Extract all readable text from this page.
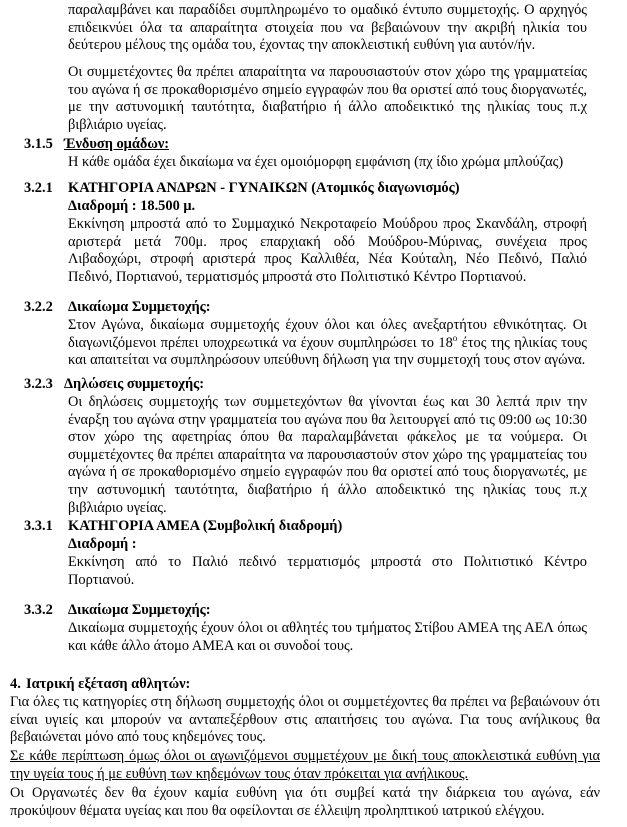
παραλαμβάνει και παραδίδει συμπληρωμένο το ομαδικό έντυπο συμμετοχής. Ο αρχηγός επιδεικνύει όλα τα απαραίτητα στοιχεία που να βεβαιώνουν την ακριβή ηλικία του δεύτερου μέλους της ομάδα του, έχοντας την αποκλειστική ευθύνη για αυτόν/ήν.

Οι συμμετέχοντες θα πρέπει απαραίτητα να παρουσιαστούν στον χώρο της γραμματείας του αγώνα ή σε προκαθορισμένο σημείο εγγραφών που θα οριστεί από τους διοργανωτές, με την αστυνομική ταυτότητα, διαβατήριο ή άλλο αποδεικτικό της ηλικίας τους π.χ βιβλιάριο υγείας.

3.1.5 Ένδυση ομάδων:

Η κάθε ομάδα έχει δικαίωμα να έχει ομοιόμορφη εμφάνιση (πχ ίδιο χρώμα μπλούζας)

3.2.1 ΚΑΤΗΓΟΡΙΑ ΑΝΔΡΩΝ - ΓΥΝΑΙΚΩΝ (Ατομικός διαγωνισμός)
Διαδρομή : 18.500 μ.

Εκκίνηση μπροστά από το Συμμαχικό Νεκροταφείο Μούδρου προς Σκανδάλη, στροφή αριστερά μετά 700μ. προς επαρχιακή οδό Μούδρου-Μύρινας, συνέχεια προς Λιβαδοχώρι, στροφή αριστερά προς Καλλιθέα, Νέα Κούταλη, Νέο Πεδινό, Παλιό Πεδινό, Πορτιανού, τερματισμός μπροστά στο Πολιτιστικό Κέντρο Πορτιανού.

3.2.2 Δικαίωμα Συμμετοχής:

Στον Αγώνα, δικαίωμα συμμετοχής έχουν όλοι και όλες ανεξαρτήτου εθνικότητας. Οι διαγωνιζόμενοι πρέπει υποχρεωτικά να έχουν συμπληρώσει το $18^o$ έτος της ηλικίας τους και απαιτείται να συμπληρώσουν υπεύθυνη δήλωση για την συμμετοχή τους στον αγώνα.

3.2.3 Δηλώσεις συμμετοχής:

Οι δηλώσεις συμμετοχής των συμμετεχόντων θα γίνονται έως και 30 λεπτά πριν την έναρξη του αγώνα στην γραμματεία του αγώνα που θα λειτουργεί από τις 09:00 ως 10:30 στον χώρο της αφετηρίας όπου θα παραλαμβάνεται φάκελος με τα νούμερα. Οι συμμετέχοντες θα πρέπει απαραίτητα να παρουσιαστούν στον χώρο της γραμματείας του αγώνα ή σε προκαθορισμένο σημείο εγγραφών που θα οριστεί από τους διοργανωτές, με την αστυνομική ταυτότητα, διαβατήριο ή άλλο αποδεικτικό της ηλικίας τους π.χ βιβλιάριο υγείας.

3.3.1 ΚΑΤΗΓΟΡΙΑ ΑΜΕΑ (Συμβολική διαδρομή)
Διαδρομή :

Εκκίνηση από το Παλιό πεδινό τερματισμός μπροστά στο Πολιτιστικό Κέντρο Πορτιανού.

3.3.2 Δικαίωμα Συμμετοχής:

Δικαίωμα συμμετοχής έχουν όλοι οι αθλητές του τμήματος Στίβου ΑΜΕΑ της ΑΕΛ όπως και κάθε άλλο άτομο ΑΜΕΑ και οι συνοδοί τους.

4. Ιατρική εξέταση αθλητών:

Για όλες τις κατηγορίες στη δήλωση συμμετοχής όλοι οι συμμετέχοντες θα πρέπει να βεβαιώνουν ότι είναι υγιείς και μπορούν να ανταπεξέρθουν στις απαιτήσεις του αγώνα. Για τους ανήλικους θα βεβαιώνεται μόνο από τους κηδεμόνες τους.

Σε κάθε περίπτωση όμως όλοι οι αγωνιζόμενοι συμμετέχουν με δική τους αποκλειστικά ευθύνη για την υγεία τους ή με ευθύνη των κηδεμόνων τους όταν πρόκειται για ανήλικους.

Οι Οργανωτές δεν θα έχουν καμία ευθύνη για ότι συμβεί κατά την διάρκεια του αγώνα, εάν προκύψουν θέματα υγείας και που θα οφείλονται σε έλλειψη προληπτικού ιατρικού ελέγχου.
